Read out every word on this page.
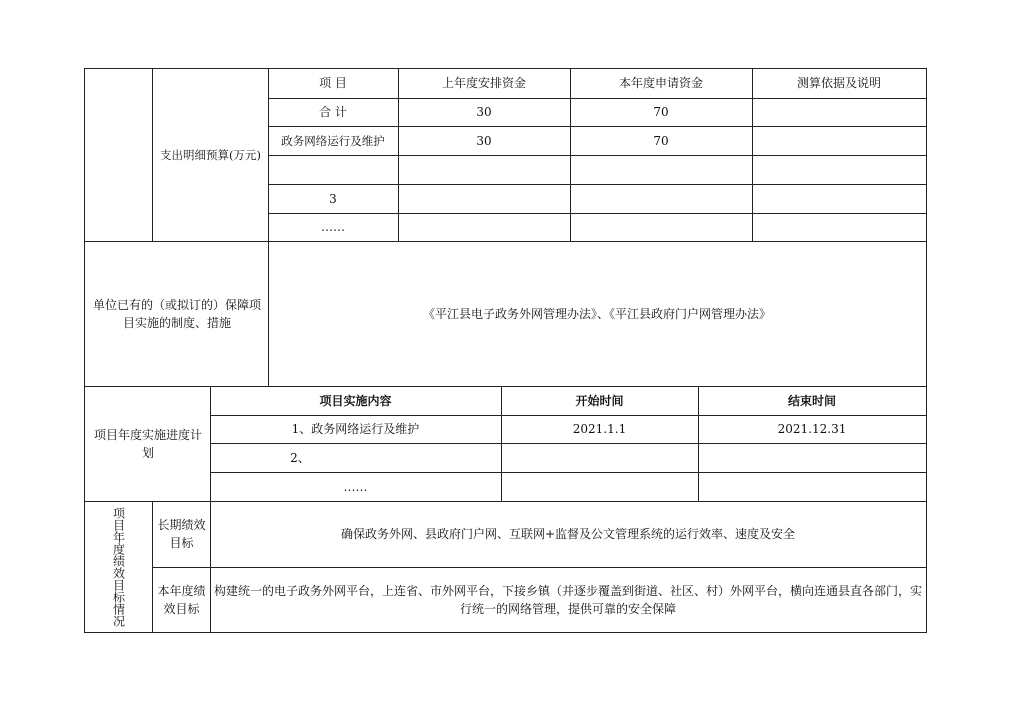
支出明细预算(万元)
项 目	上年度安排资金	本年度申请资金	测算依据及说明
合 计	30	70
政务网络运行及维护	30	70
3
……
单位已有的（或拟订的）保障项目实施的制度、措施
《平江县电子政务外网管理办法》、《平江县政府门户网管理办法》
项目年度实施进度计划
项目实施内容	开始时间	结束时间
1、政务网络运行及维护	2021.1.1	2021.12.31
2、
……
项目年度绩效目标情况	长期绩效目标
确保政务外网、县政府门户网、互联网+监督及公文管理系统的运行效率、速度及安全
本年度绩效目标
构建统一的电子政务外网平台，上连省、市外网平台，下接乡镇（并逐步覆盖到街道、社区、村）外网平台，横向连通县直各部门，实行统一的网络管理，提供可靠的安全保障
